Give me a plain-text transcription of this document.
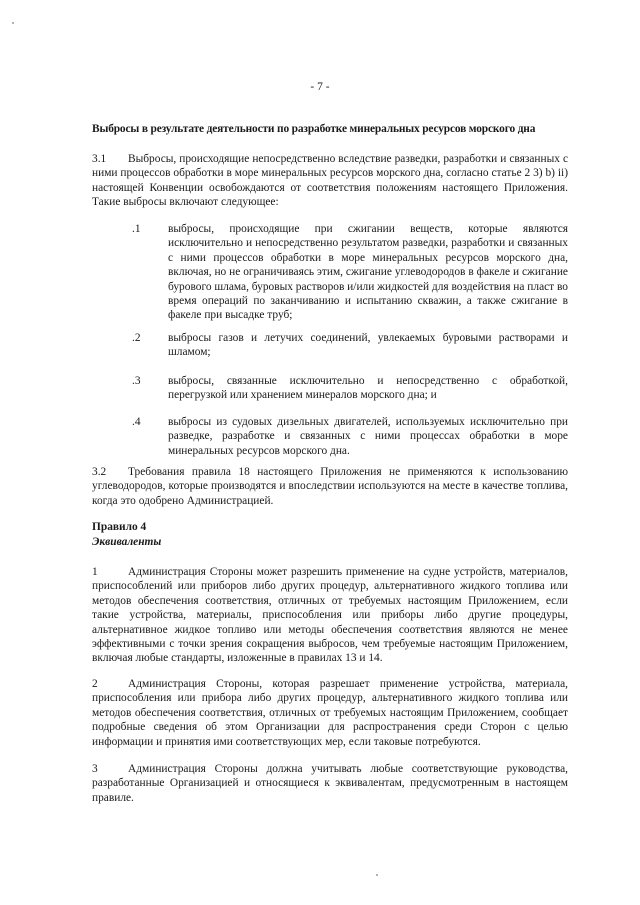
- 7 -
Выбросы в результате деятельности по разработке минеральных ресурсов морского дна
3.1 Выбросы, происходящие непосредственно вследствие разведки, разработки и связанных с ними процессов обработки в море минеральных ресурсов морского дна, согласно статье 2 3) b) ii) настоящей Конвенции освобождаются от соответствия положениям настоящего Приложения. Такие выбросы включают следующее:
.1	выбросы, происходящие при сжигании веществ, которые являются исключительно и непосредственно результатом разведки, разработки и связанных с ними процессов обработки в море минеральных ресурсов морского дна, включая, но не ограничиваясь этим, сжигание углеводородов в факеле и сжигание бурового шлама, буровых растворов и/или жидкостей для воздействия на пласт во время операций по заканчиванию и испытанию скважин, а также сжигание в факеле при высадке труб;
.2	выбросы газов и летучих соединений, увлекаемых буровыми растворами и шламом;
.3	выбросы, связанные исключительно и непосредственно с обработкой, перегрузкой или хранением минералов морского дна; и
.4	выбросы из судовых дизельных двигателей, используемых исключительно при разведке, разработке и связанных с ними процессах обработки в море минеральных ресурсов морского дна.
3.2 Требования правила 18 настоящего Приложения не применяются к использованию углеводородов, которые производятся и впоследствии используются на месте в качестве топлива, когда это одобрено Администрацией.
Правило 4
Эквиваленты
1	Администрация Стороны может разрешить применение на судне устройств, материалов, приспособлений или приборов либо других процедур, альтернативного жидкого топлива или методов обеспечения соответствия, отличных от требуемых настоящим Приложением, если такие устройства, материалы, приспособления или приборы либо другие процедуры, альтернативное жидкое топливо или методы обеспечения соответствия являются не менее эффективными с точки зрения сокращения выбросов, чем требуемые настоящим Приложением, включая любые стандарты, изложенные в правилах 13 и 14.
2	Администрация Стороны, которая разрешает применение устройства, материала, приспособления или прибора либо других процедур, альтернативного жидкого топлива или методов обеспечения соответствия, отличных от требуемых настоящим Приложением, сообщает подробные сведения об этом Организации для распространения среди Сторон с целью информации и принятия ими соответствующих мер, если таковые потребуются.
3	Администрация Стороны должна учитывать любые соответствующие руководства, разработанные Организацией и относящиеся к эквивалентам, предусмотренным в настоящем правиле.
